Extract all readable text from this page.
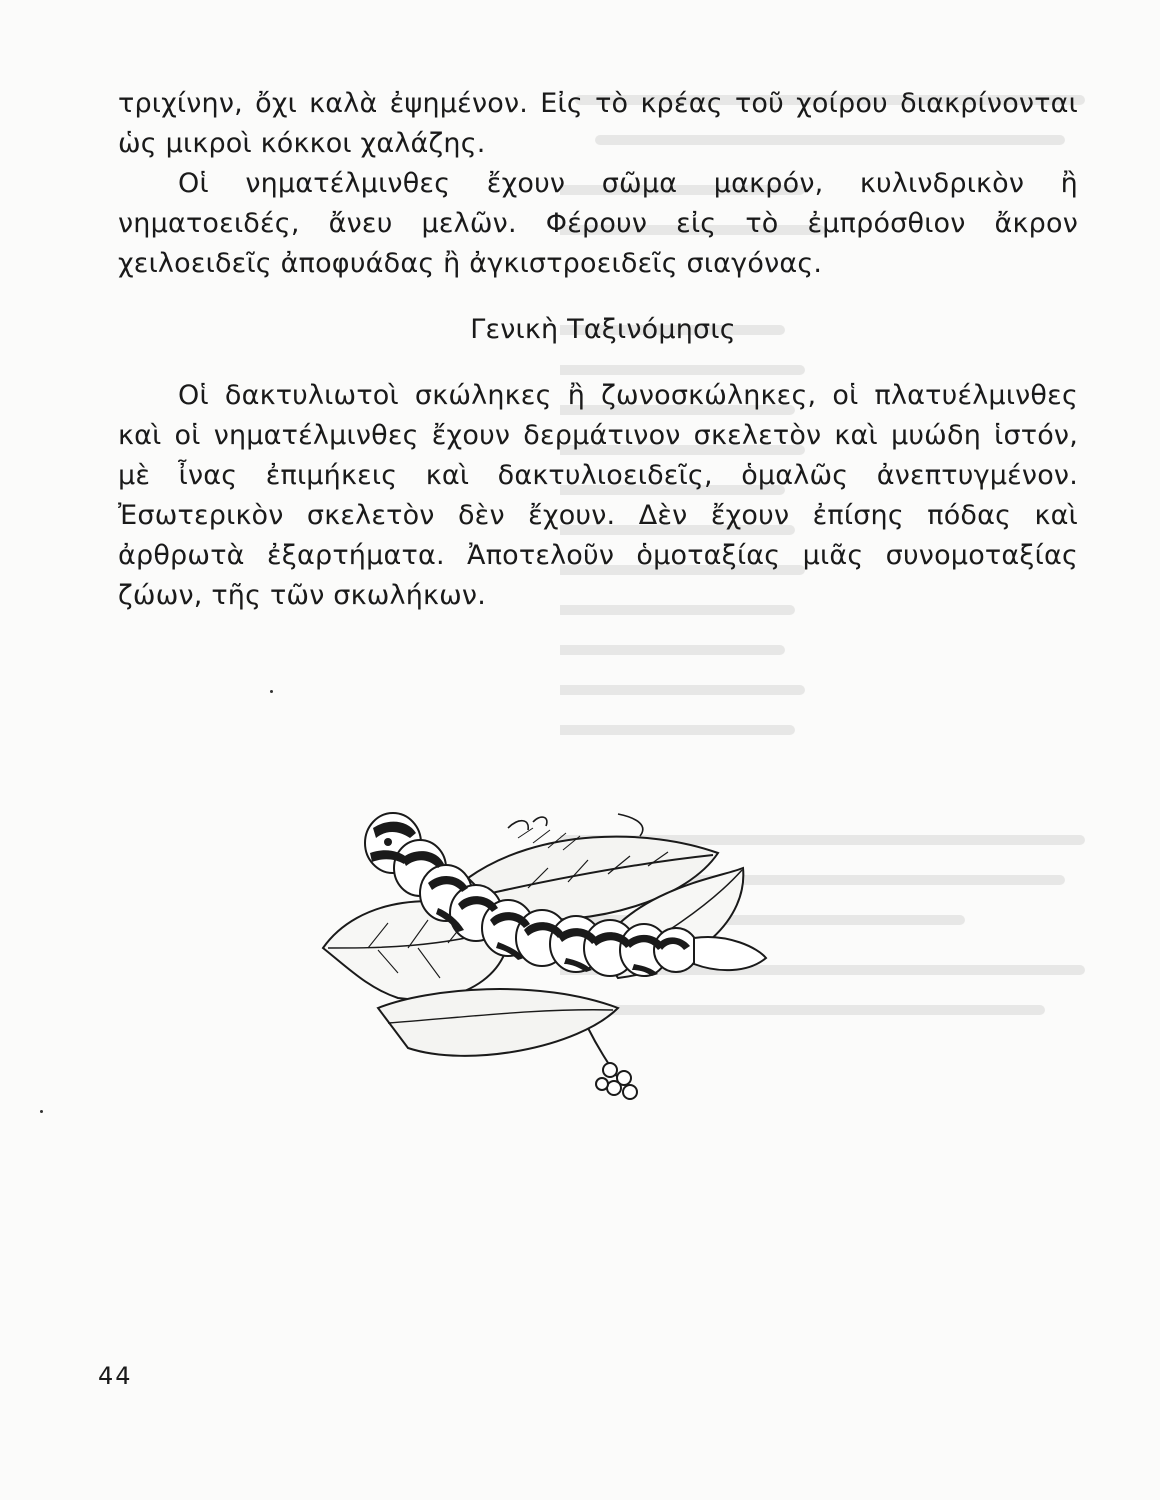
τριχίνην, ὄχι καλὰ ἐψημένον. Εἰς τὸ κρέας τοῦ χοίρου διακρίνονται ὡς μικροὶ κόκκοι χαλάζης.

Οἱ νηματέλμινθες ἔχουν σῶμα μακρόν, κυλινδρικὸν ἢ νηματοειδές, ἄνευ μελῶν. Φέρουν εἰς τὸ ἐμπρόσθιον ἄκρον χειλοειδεῖς ἀποφυάδας ἢ ἀγκιστροειδεῖς σιαγόνας.

Γενικὴ Ταξινόμησις

Οἱ δακτυλιωτοὶ σκώληκες ἢ ζωνοσκώληκες, οἱ πλατυέλμινθες καὶ οἱ νηματέλμινθες ἔχουν δερμάτινον σκελετὸν καὶ μυώδη ἱστόν, μὲ ἶνας ἐπιμήκεις καὶ δακτυλιοειδεῖς, ὁμαλῶς ἀνεπτυγμένον. Ἐσωτερικὸν σκελετὸν δὲν ἔχουν. Δὲν ἔχουν ἐπίσης πόδας καὶ ἀρθρωτὰ ἐξαρτήματα. Ἀποτελοῦν ὁμοταξίας μιᾶς συνομοταξίας ζώων, τῆς τῶν σκωλήκων.

44
